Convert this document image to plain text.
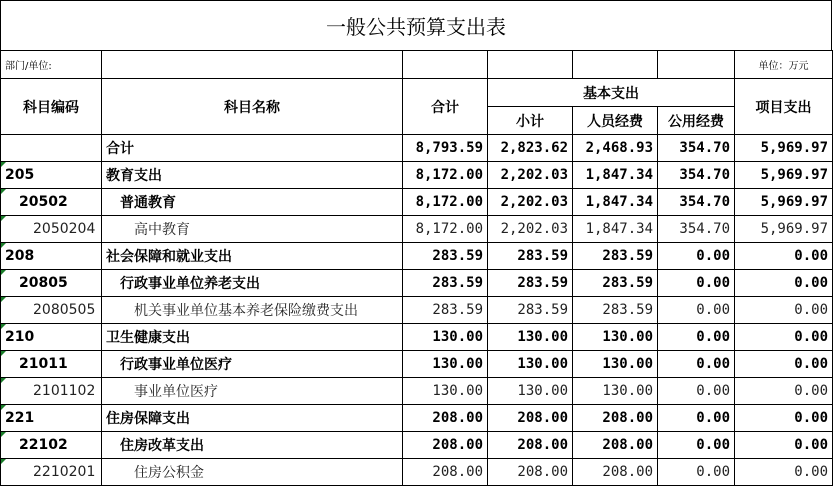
一般公共预算支出表
部门/单位:						单位：万元
科目编码	科目名称	合计	基本支出			项目支出
			小计	人员经费	公用经费	
	合计	8,793.59	2,823.62	2,468.93	354.70	5,969.97
205	教育支出	8,172.00	2,202.03	1,847.34	354.70	5,969.97
20502	普通教育	8,172.00	2,202.03	1,847.34	354.70	5,969.97
2050204	高中教育	8,172.00	2,202.03	1,847.34	354.70	5,969.97
208	社会保障和就业支出	283.59	283.59	283.59	0.00	0.00
20805	行政事业单位养老支出	283.59	283.59	283.59	0.00	0.00
2080505	机关事业单位基本养老保险缴费支出	283.59	283.59	283.59	0.00	0.00
210	卫生健康支出	130.00	130.00	130.00	0.00	0.00
21011	行政事业单位医疗	130.00	130.00	130.00	0.00	0.00
2101102	事业单位医疗	130.00	130.00	130.00	0.00	0.00
221	住房保障支出	208.00	208.00	208.00	0.00	0.00
22102	住房改革支出	208.00	208.00	208.00	0.00	0.00
2210201	住房公积金	208.00	208.00	208.00	0.00	0.00
